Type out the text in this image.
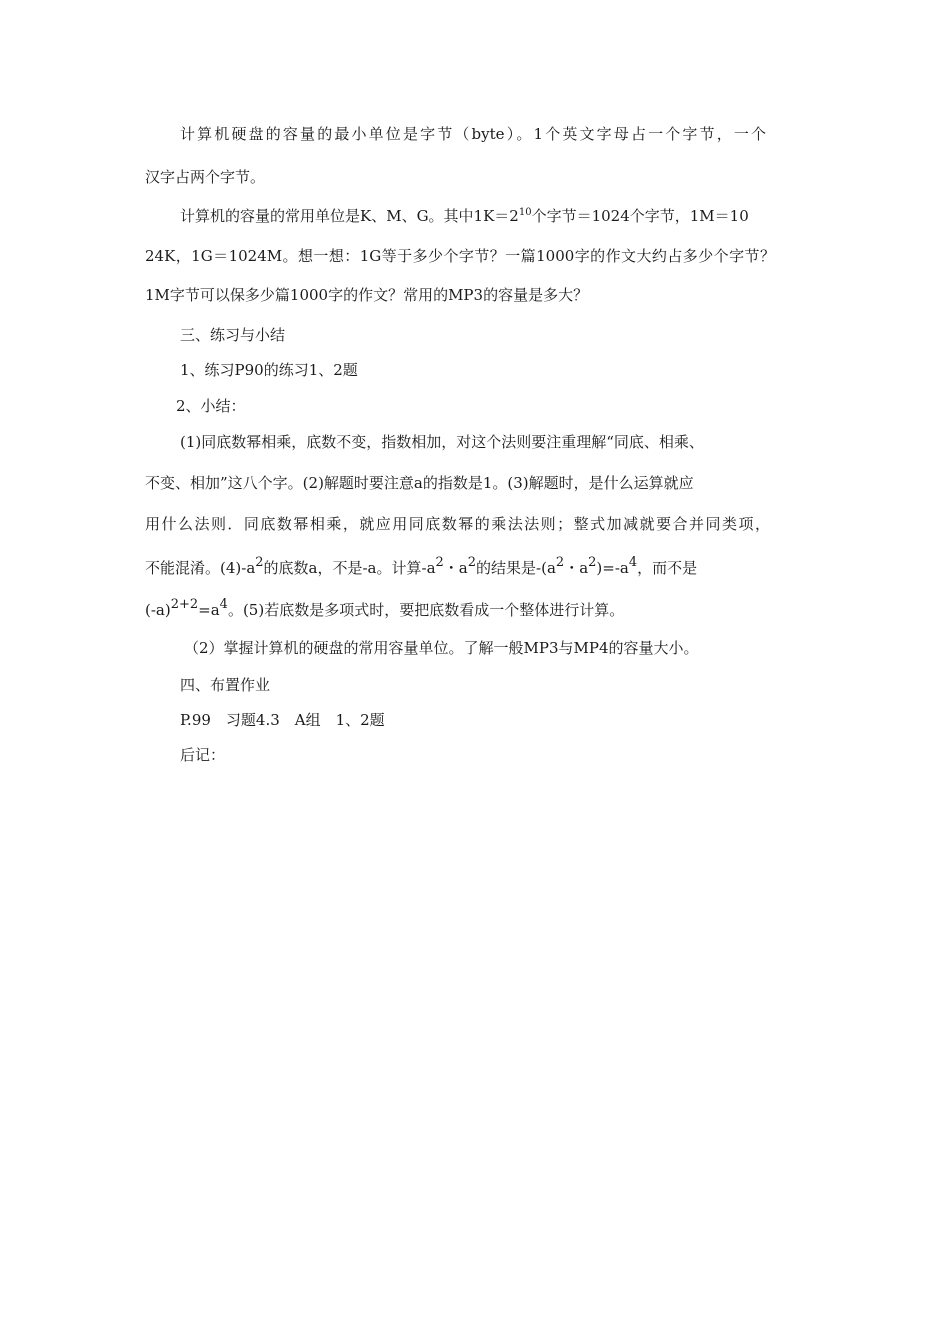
计算机硬盘的容量的最小单位是字节（byte）。1个英文字母占一个字节，一个
汉字占两个字节。
计算机的容量的常用单位是K、M、G。其中$1K=2^{10}$个字节＝1024个字节，1M＝10
24K，1G＝1024M。想一想：1G等于多少个字节？一篇1000字的作文大约占多少个字节？
1M字节可以保多少篇1000字的作文？常用的MP3的容量是多大？
三、练习与小结
1、练习P90的练习1、2题
2、小结：
(1)同底数幂相乘，底数不变，指数相加，对这个法则要注重理解“同底、相乘、
不变、相加”这八个字。(2)解题时要注意a的指数是1。(3)解题时，是什么运算就应
用什么法则．同底数幂相乘，就应用同底数幂的乘法法则；整式加减就要合并同类项，
不能混淆。$(4)-a^2$的底数a，不是-a。计算$-a^2$・$a^2$的结果是$-(a^2$・$a^2)=-a^4$，而不是
$(-a)^{2+2}=a^4$。(5)若底数是多项式时，要把底数看成一个整体进行计算。
（2）掌握计算机的硬盘的常用容量单位。了解一般MP3与MP4的容量大小。
四、布置作业
P.99　习题4.3　A组　1、2题
后记：
